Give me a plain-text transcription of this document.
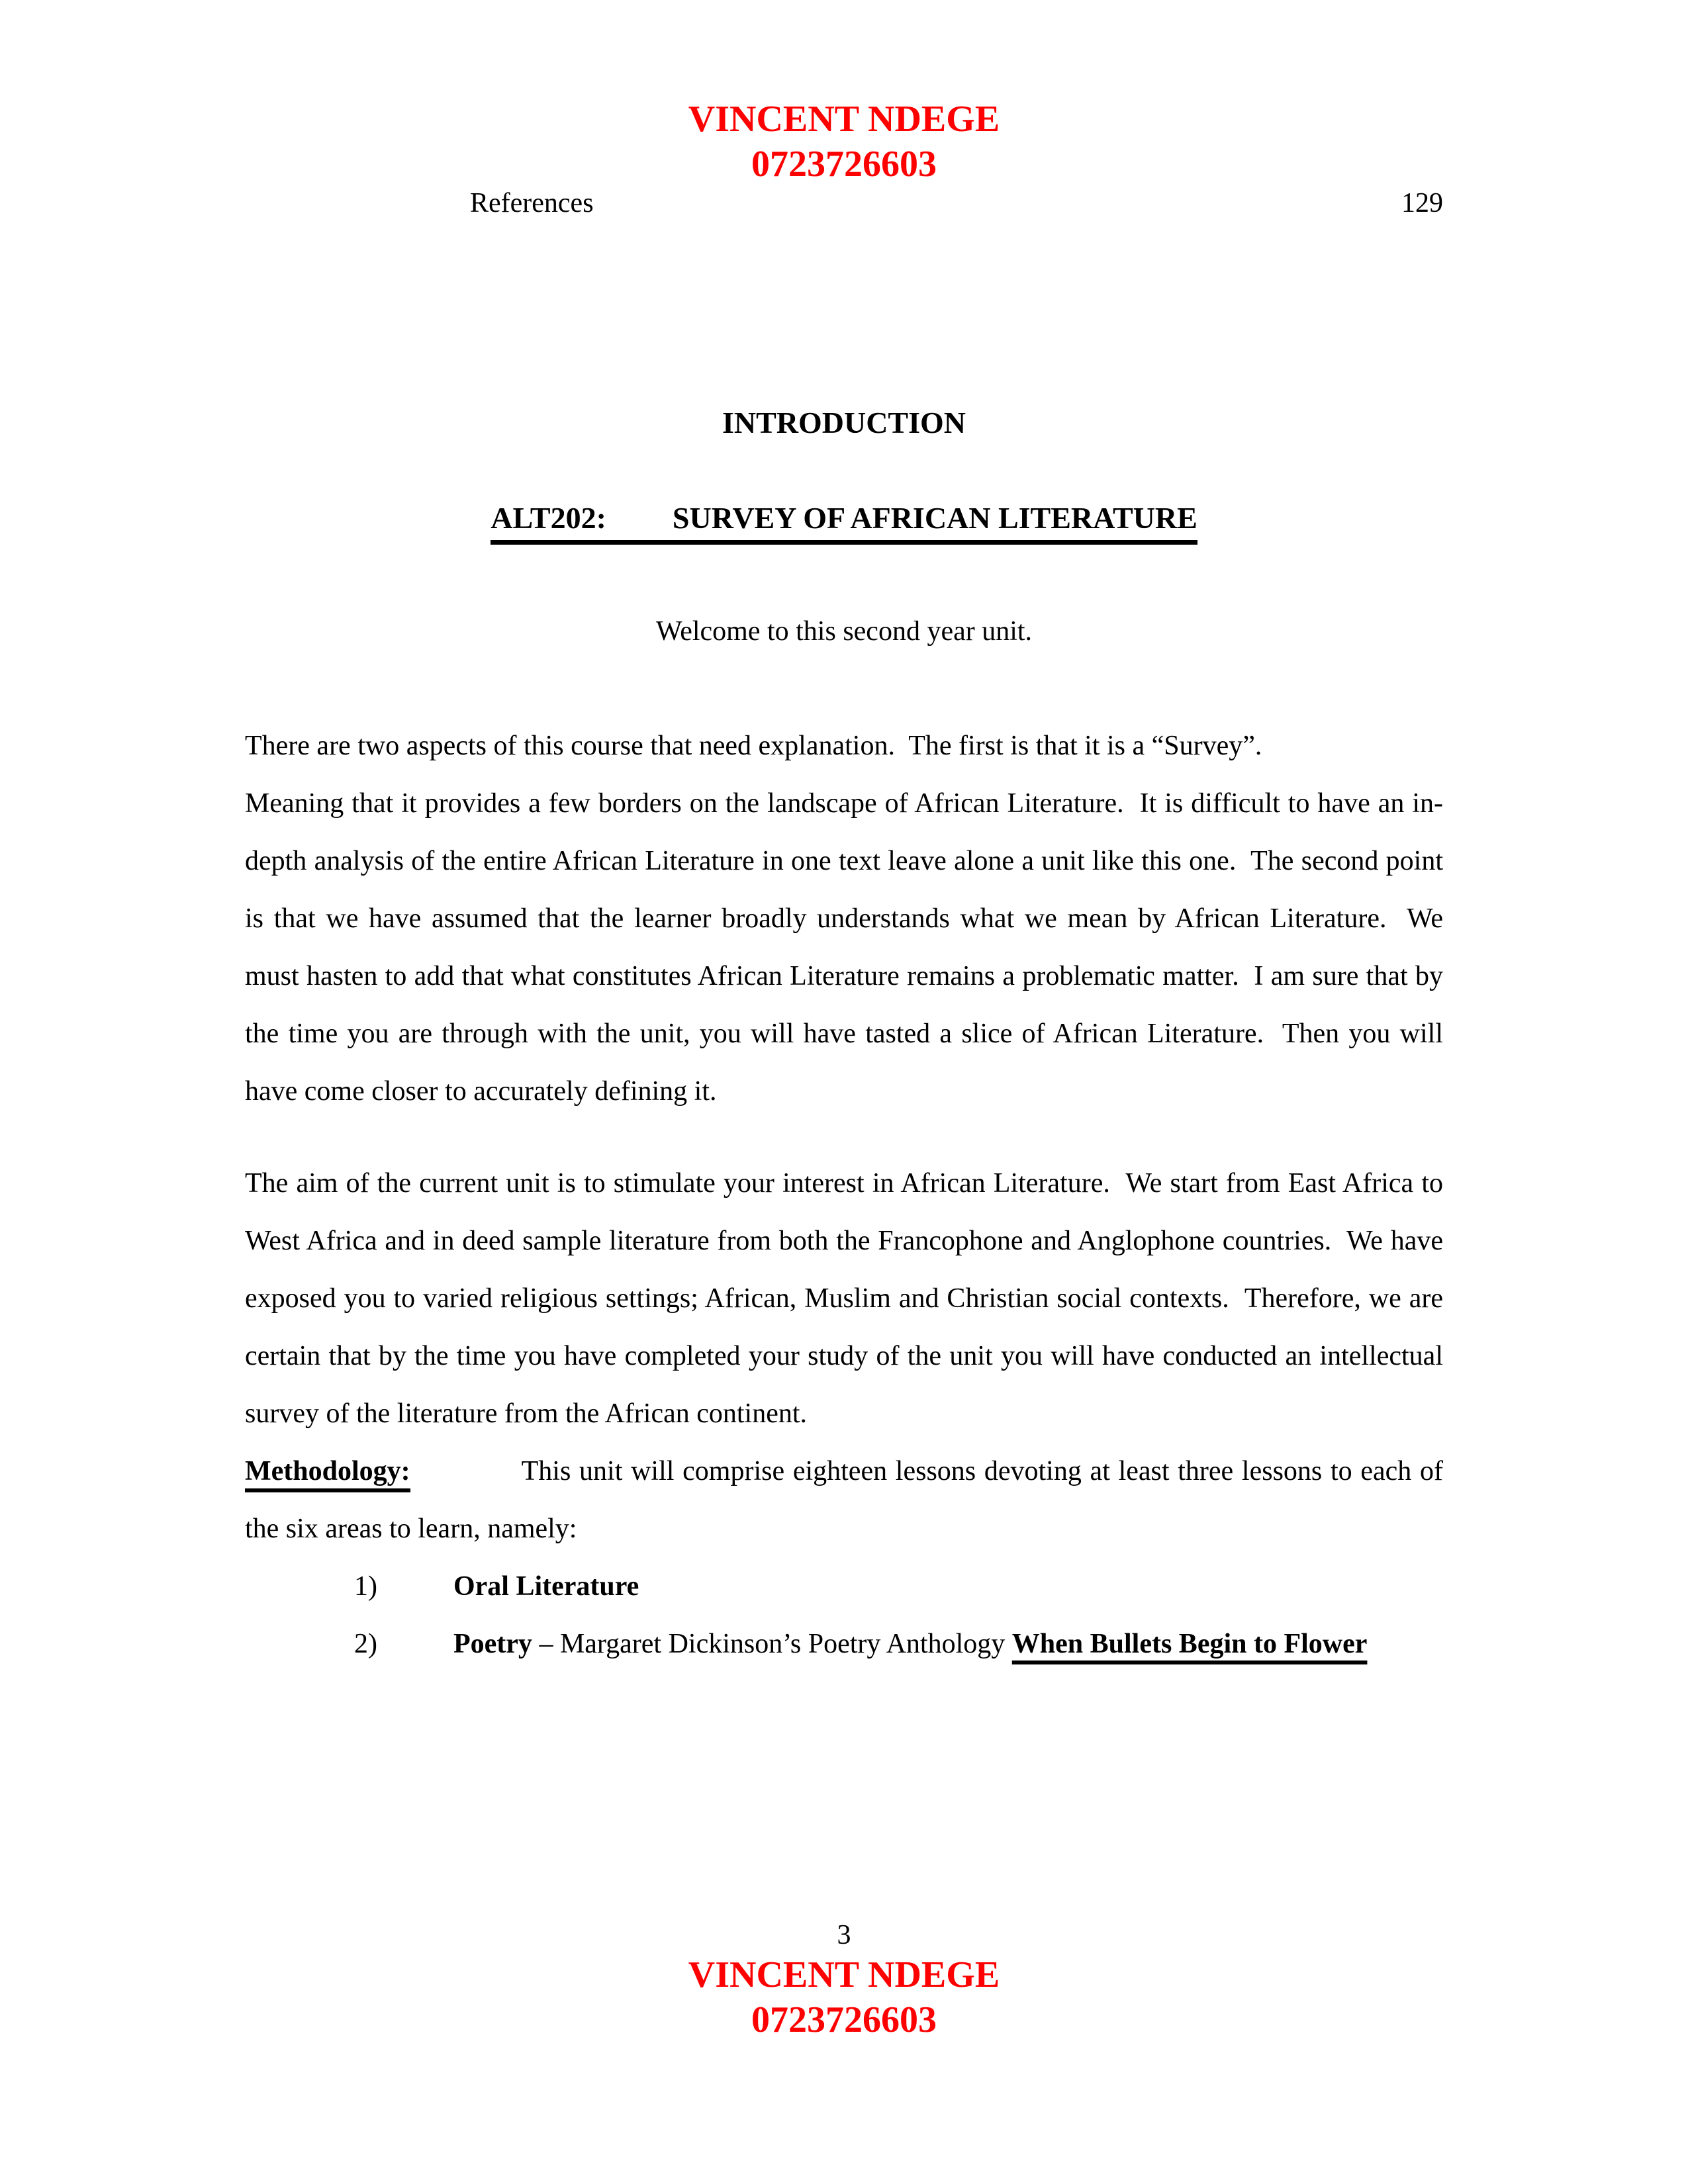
VINCENT NDEGE
0723726603
References	129
INTRODUCTION
ALT202: SURVEY OF AFRICAN LITERATURE
Welcome to this second year unit.

There are two aspects of this course that need explanation.  The first is that it is a “Survey”.

Meaning that it provides a few borders on the landscape of African Literature.  It is difficult to have an in-depth analysis of the entire African Literature in one text leave alone a unit like this one.  The second point is that we have assumed that the learner broadly understands what we mean by African Literature.  We must hasten to add that what constitutes African Literature remains a problematic matter.  I am sure that by the time you are through with the unit, you will have tasted a slice of African Literature.  Then you will have come closer to accurately defining it.

The aim of the current unit is to stimulate your interest in African Literature.  We start from East Africa to West Africa and in deed sample literature from both the Francophone and Anglophone countries.  We have exposed you to varied religious settings; African, Muslim and Christian social contexts.  Therefore, we are certain that by the time you have completed your study of the unit you will have conducted an intellectual survey of the literature from the African continent.

Methodology:	This unit will comprise eighteen lessons devoting at least three lessons to each of the six areas to learn, namely:

1)	Oral Literature
2)	Poetry – Margaret Dickinson’s Poetry Anthology When Bullets Begin to Flower
3
VINCENT NDEGE
0723726603
